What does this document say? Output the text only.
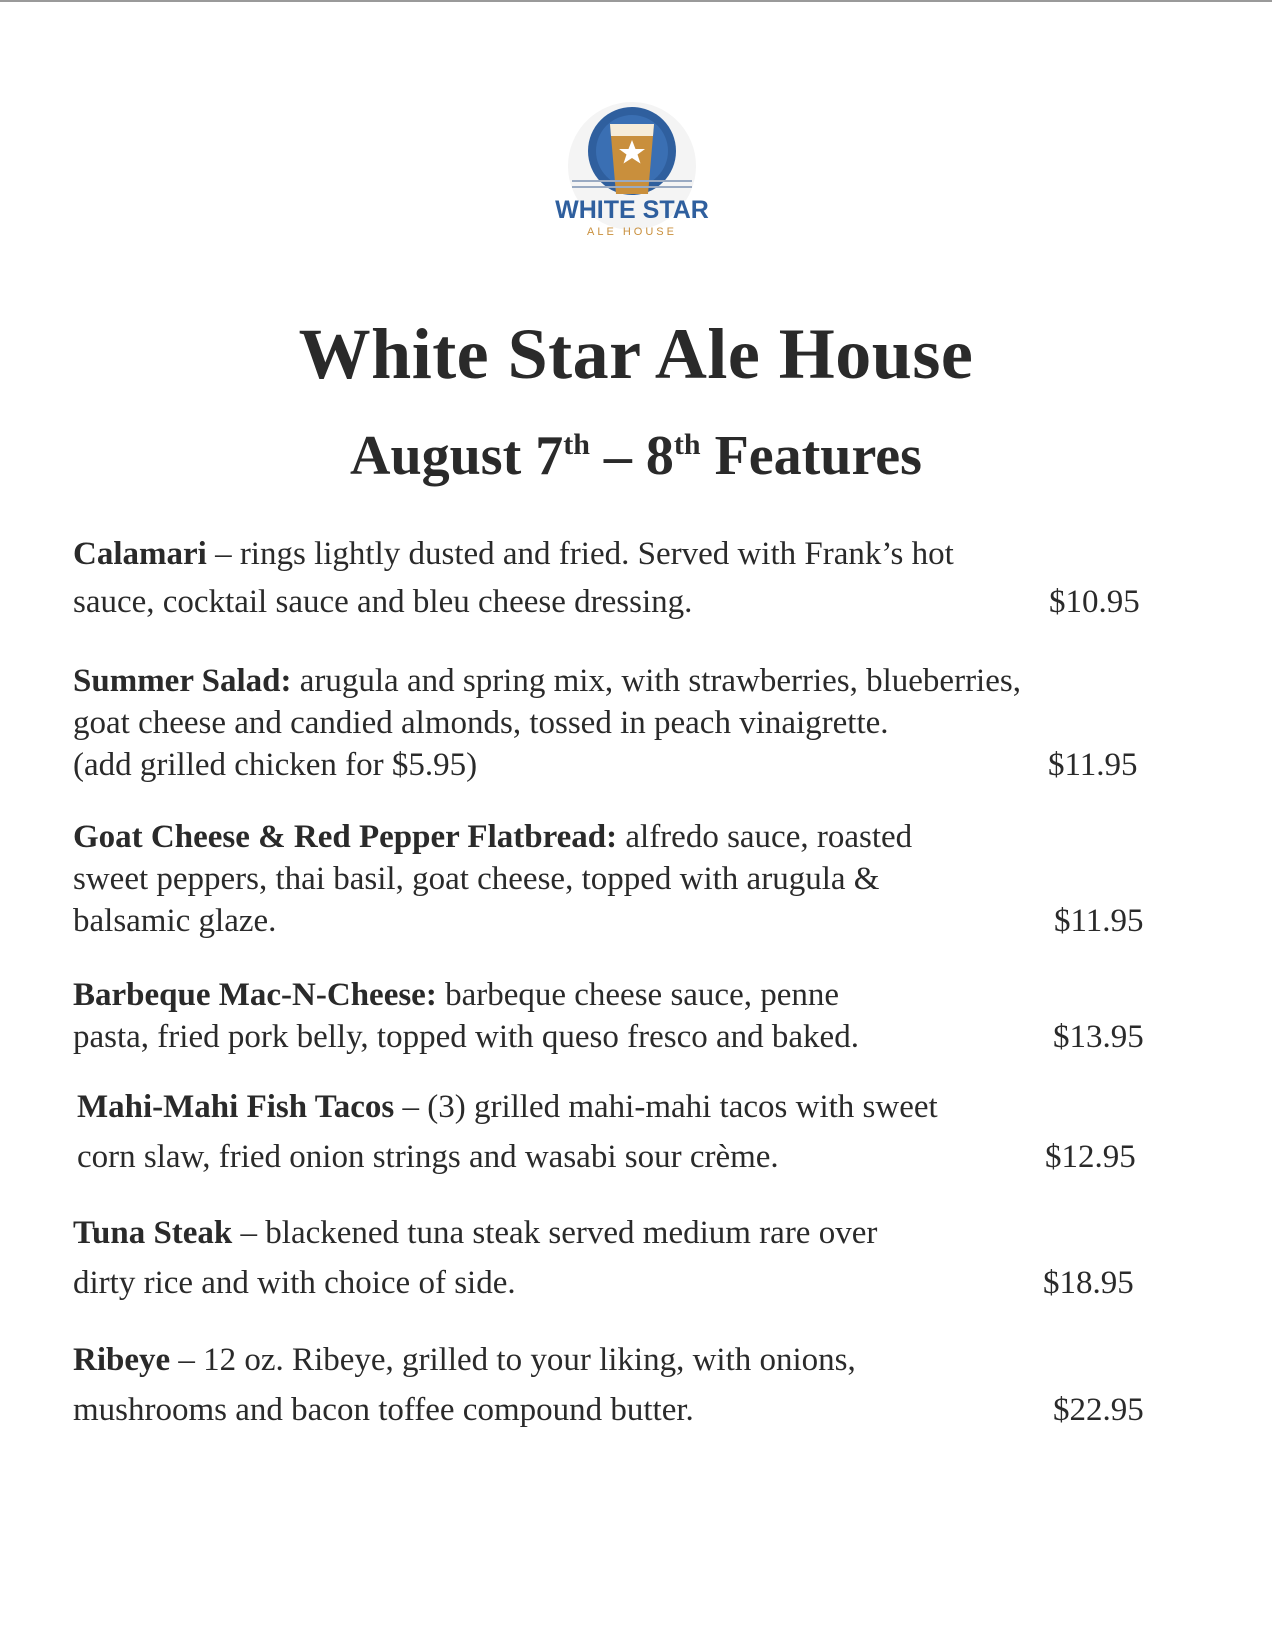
WHITE STAR
ALE HOUSE
White Star Ale House
August 7th – 8th Features
Calamari – rings lightly dusted and fried. Served with Frank’s hot
sauce, cocktail sauce and bleu cheese dressing.	$10.95
Summer Salad: arugula and spring mix, with strawberries, blueberries,
goat cheese and candied almonds, tossed in peach vinaigrette.
(add grilled chicken for $5.95)	$11.95
Goat Cheese & Red Pepper Flatbread: alfredo sauce, roasted
sweet peppers, thai basil, goat cheese, topped with arugula &
balsamic glaze.	$11.95
Barbeque Mac-N-Cheese: barbeque cheese sauce, penne
pasta, fried pork belly, topped with queso fresco and baked.	$13.95
Mahi-Mahi Fish Tacos – (3) grilled mahi-mahi tacos with sweet
corn slaw, fried onion strings and wasabi sour crème.	$12.95
Tuna Steak – blackened tuna steak served medium rare over
dirty rice and with choice of side.	$18.95
Ribeye – 12 oz. Ribeye, grilled to your liking, with onions,
mushrooms and bacon toffee compound butter.	$22.95
